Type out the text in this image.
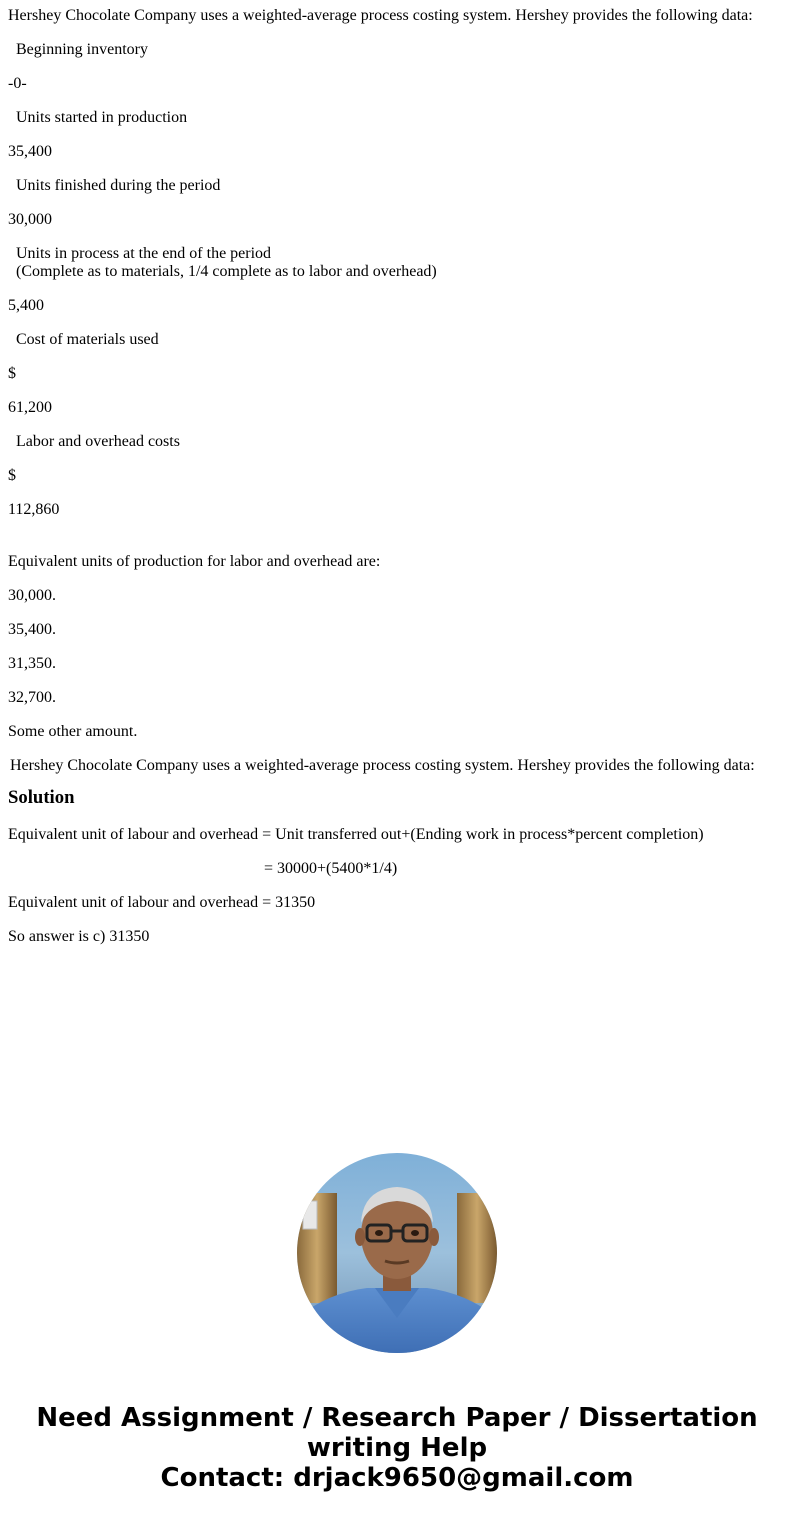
Hershey Chocolate Company uses a weighted-average process costing system. Hershey provides the following data:

Beginning inventory

-0-

Units started in production

35,400

Units finished during the period

30,000

Units in process at the end of the period
(Complete as to materials, 1/4 complete as to labor and overhead)

5,400

Cost of materials used

$

61,200

Labor and overhead costs

$

112,860

Equivalent units of production for labor and overhead are:

30,000.

35,400.

31,350.

32,700.

Some other amount.

Hershey Chocolate Company uses a weighted-average process costing system. Hershey provides the following data:
Solution

Equivalent unit of labour and overhead = Unit transferred out+(Ending work in process*percent completion)

= 30000+(5400*1/4)

Equivalent unit of labour and overhead = 31350

So answer is c) 31350

Need Assignment / Research Paper / Dissertation
writing Help
Contact: drjack9650@gmail.com
